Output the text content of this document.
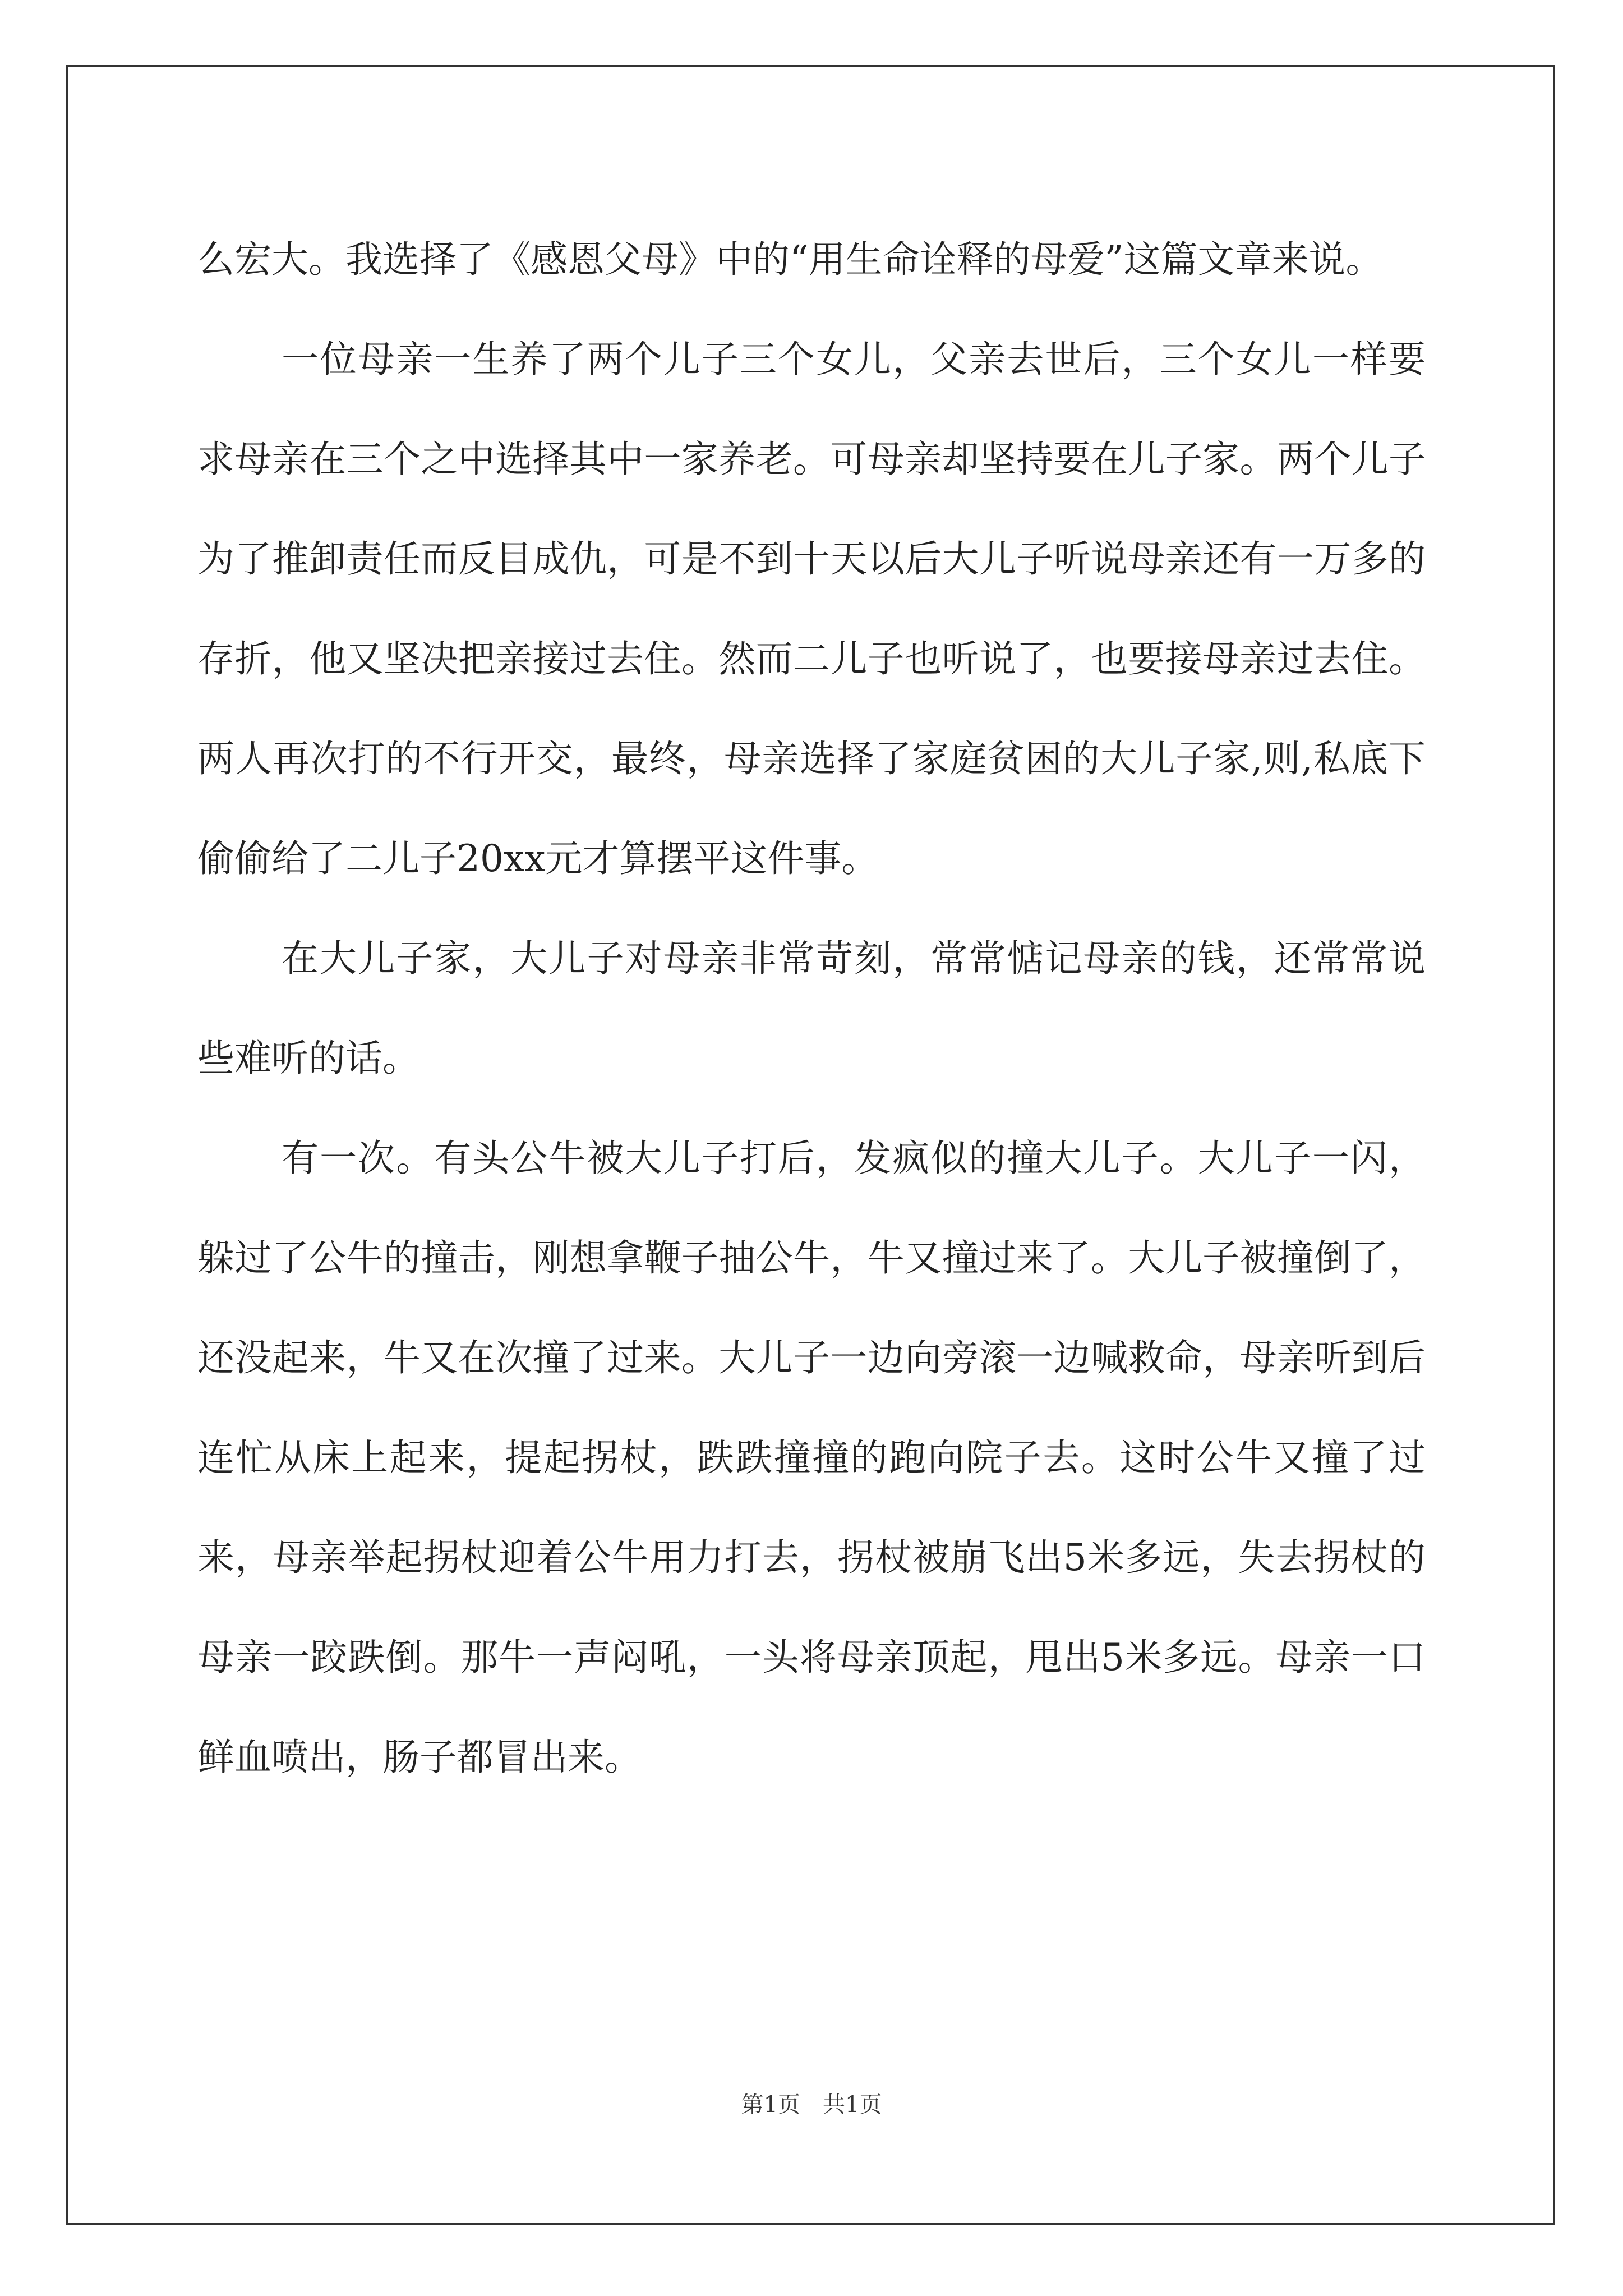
么宏大。我选择了《感恩父母》中的“用生命诠释的母爱”这篇文章来说。

一位母亲一生养了两个儿子三个女儿，父亲去世后，三个女儿一样要求母亲在三个之中选择其中一家养老。可母亲却坚持要在儿子家。两个儿子为了推卸责任而反目成仇，可是不到十天以后大儿子听说母亲还有一万多的存折，他又坚决把亲接过去住。然而二儿子也听说了，也要接母亲过去住。两人再次打的不行开交，最终，母亲选择了家庭贫困的大儿子家,则,私底下偷偷给了二儿子20xx元才算摆平这件事。

在大儿子家，大儿子对母亲非常苛刻，常常惦记母亲的钱，还常常说些难听的话。

有一次。有头公牛被大儿子打后，发疯似的撞大儿子。大儿子一闪，躲过了公牛的撞击，刚想拿鞭子抽公牛，牛又撞过来了。大儿子被撞倒了，还没起来，牛又在次撞了过来。大儿子一边向旁滚一边喊救命，母亲听到后连忙从床上起来，提起拐杖，跌跌撞撞的跑向院子去。这时公牛又撞了过来，母亲举起拐杖迎着公牛用力打去，拐杖被崩飞出5米多远，失去拐杖的母亲一跤跌倒。那牛一声闷吼，一头将母亲顶起，甩出5米多远。母亲一口鲜血喷出，肠子都冒出来。

第1页　共1页
